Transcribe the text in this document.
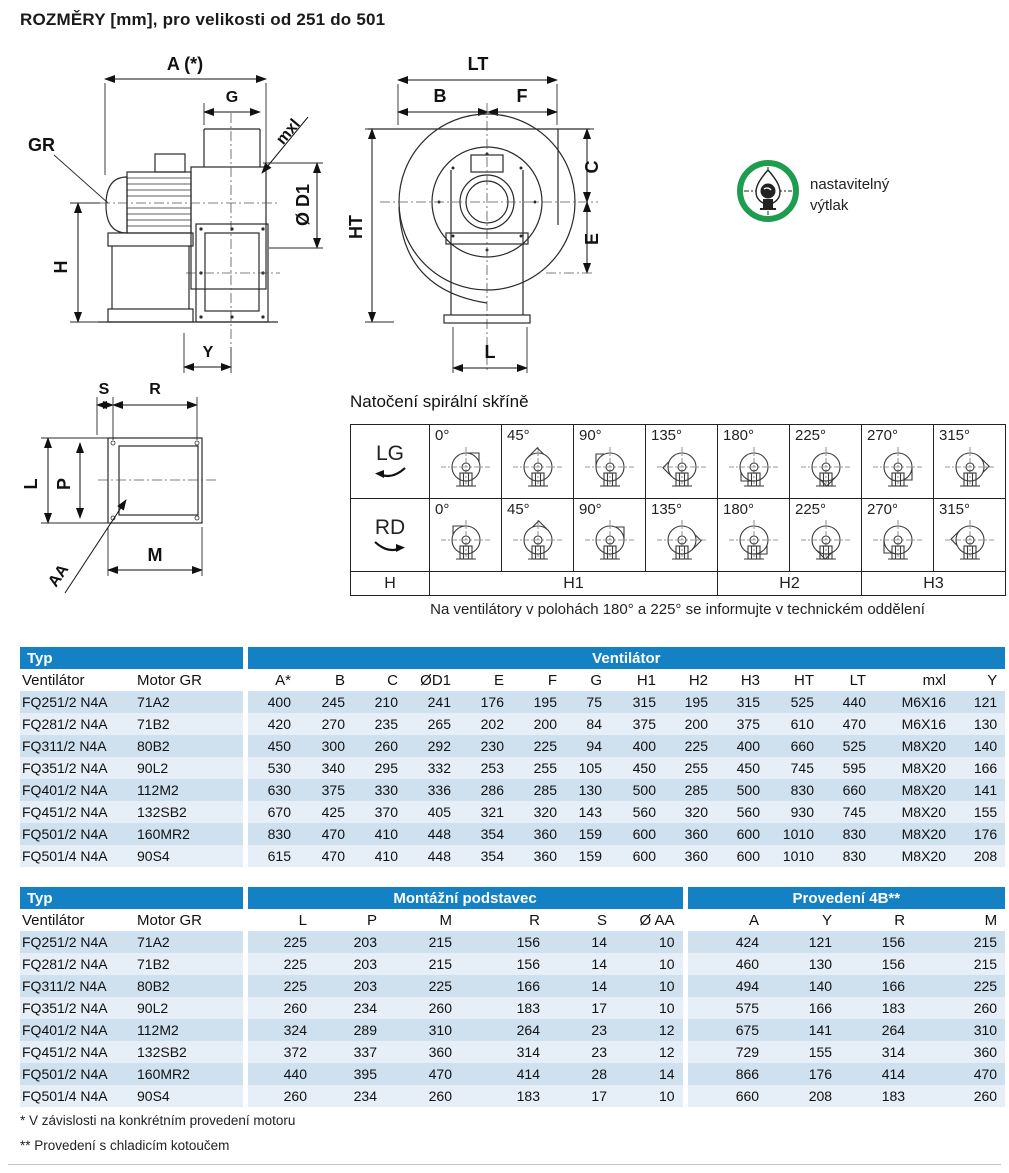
ROZMĚRY [mm], pro velikosti od 251 do 501
A (*)
G
mxl
Ø D1
GR
H
Y
LT
B	F
HT
C
E
L
S R
L P
M
AA
nastavitelný
výtlak
Natočení spirální skříně
LG
RD
H	H1	H2	H3
0°	45°	90°	135°	180°	225°	270°	315°
0°	45°	90°	135°	180°	225°	270°	315°
Na ventilátory v polohách 180° a 225° se informujte v technickém oddělení
Typ		Ventilátor													
Ventilátor	Motor GR	A*	B	C	ØD1	E	F	G	H1	H2	H3	HT	LT	mxl	Y
FQ251/2 N4A	71A2	400	245	210	241	176	195	75	315	195	315	525	440	M6X16	121
FQ281/2 N4A	71B2	420	270	235	265	202	200	84	375	200	375	610	470	M6X16	130
FQ311/2 N4A	80B2	450	300	260	292	230	225	94	400	225	400	660	525	M8X20	140
FQ351/2 N4A	90L2	530	340	295	332	253	255	105	450	255	450	745	595	M8X20	166
FQ401/2 N4A	112M2	630	375	330	336	286	285	130	500	285	500	830	660	M8X20	141
FQ451/2 N4A	132SB2	670	425	370	405	321	320	143	560	320	560	930	745	M8X20	155
FQ501/2 N4A	160MR2	830	470	410	448	354	360	159	600	360	600	1010	830	M8X20	176
FQ501/4 N4A	90S4	615	470	410	448	354	360	159	600	360	600	1010	830	M8X20	208
Typ		Montážní podstavec						Provedení 4B**			
Ventilátor	Motor GR	L	P	M	R	S	Ø AA	A	Y	R	M
FQ251/2 N4A	71A2	225	203	215	156	14	10	424	121	156	215
FQ281/2 N4A	71B2	225	203	215	156	14	10	460	130	156	215
FQ311/2 N4A	80B2	225	203	225	166	14	10	494	140	166	225
FQ351/2 N4A	90L2	260	234	260	183	17	10	575	166	183	260
FQ401/2 N4A	112M2	324	289	310	264	23	12	675	141	264	310
FQ451/2 N4A	132SB2	372	337	360	314	23	12	729	155	314	360
FQ501/2 N4A	160MR2	440	395	470	414	28	14	866	176	414	470
FQ501/4 N4A	90S4	260	234	260	183	17	10	660	208	183	260
* V závislosti na konkrétním provedení motoru
** Provedení s chladicím kotoučem
